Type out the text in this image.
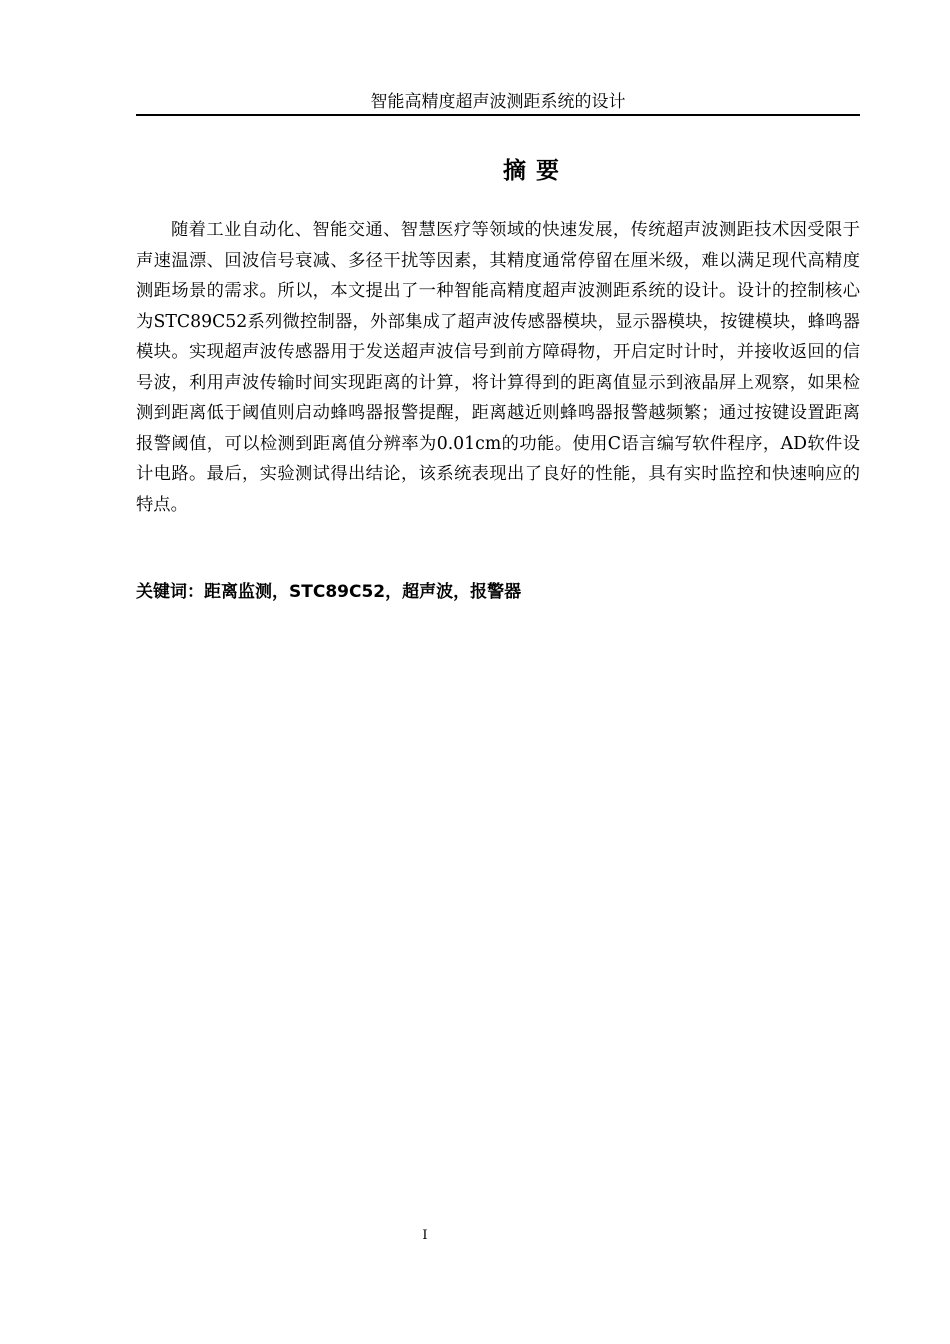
智能高精度超声波测距系统的设计
摘要

随着工业自动化、智能交通、智慧医疗等领域的快速发展，传统超声波测距技术因受限于声速温漂、回波信号衰减、多径干扰等因素，其精度通常停留在厘米级，难以满足现代高精度测距场景的需求。所以，本文提出了一种智能高精度超声波测距系统的设计。设计的控制核心为STC89C52系列微控制器，外部集成了超声波传感器模块，显示器模块，按键模块，蜂鸣器模块。实现超声波传感器用于发送超声波信号到前方障碍物，开启定时计时，并接收返回的信号波，利用声波传输时间实现距离的计算，将计算得到的距离值显示到液晶屏上观察，如果检测到距离低于阈值则启动蜂鸣器报警提醒，距离越近则蜂鸣器报警越频繁；通过按键设置距离报警阈值，可以检测到距离值分辨率为0.01cm的功能。使用C语言编写软件程序，AD软件设计电路。最后，实验测试得出结论，该系统表现出了良好的性能，具有实时监控和快速响应的特点。

关键词：距离监测，STC89C52，超声波，报警器
I
